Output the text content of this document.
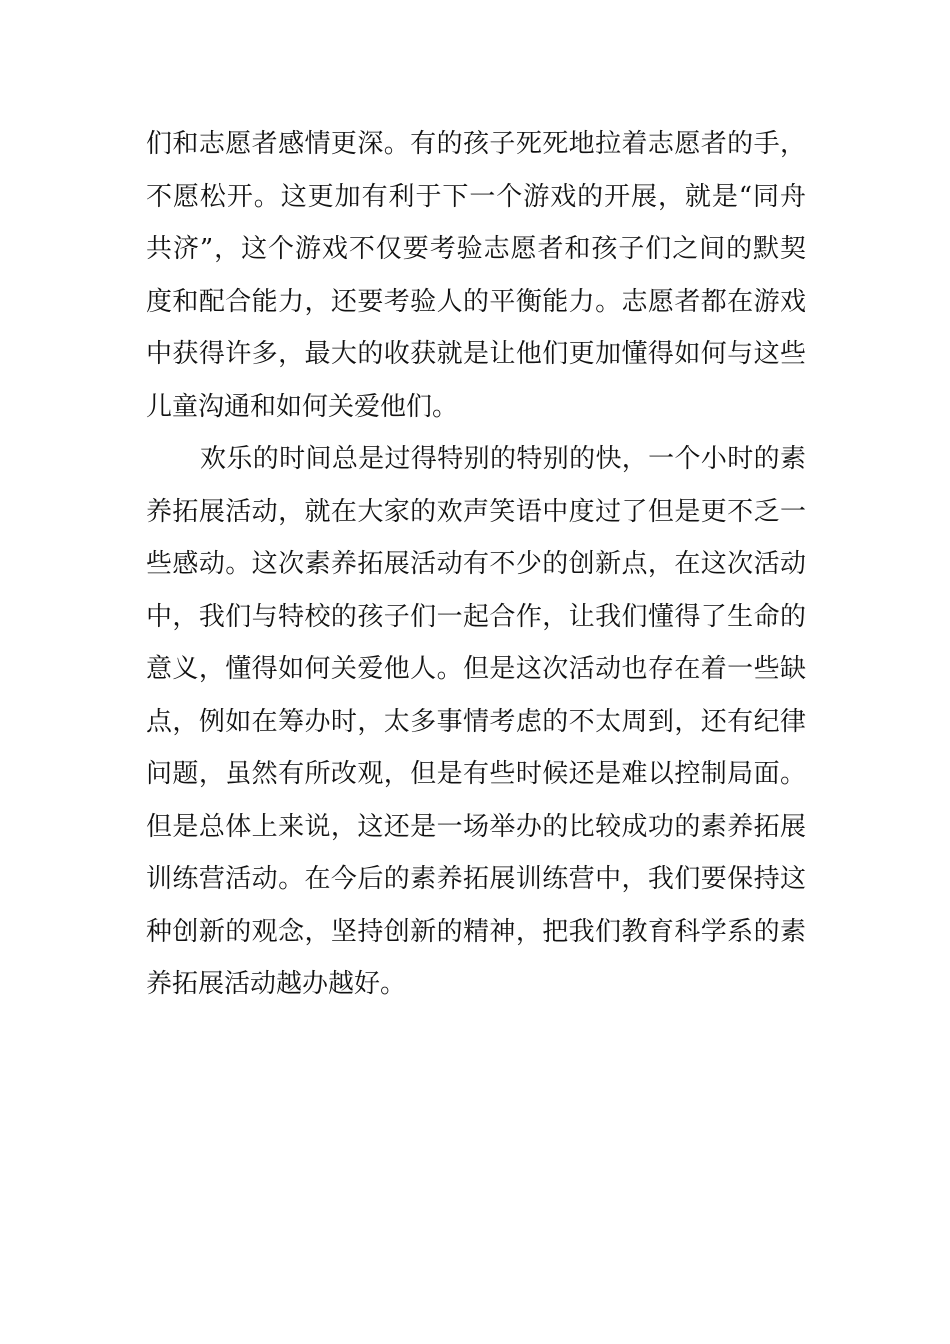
们和志愿者感情更深。有的孩子死死地拉着志愿者的手，
不愿松开。这更加有利于下一个游戏的开展，就是“同舟
共济”，这个游戏不仅要考验志愿者和孩子们之间的默契
度和配合能力，还要考验人的平衡能力。志愿者都在游戏
中获得许多，最大的收获就是让他们更加懂得如何与这些
儿童沟通和如何关爱他们。
欢乐的时间总是过得特别的特别的快，一个小时的素
养拓展活动，就在大家的欢声笑语中度过了但是更不乏一
些感动。这次素养拓展活动有不少的创新点，在这次活动
中，我们与特校的孩子们一起合作，让我们懂得了生命的
意义，懂得如何关爱他人。但是这次活动也存在着一些缺
点，例如在筹办时，太多事情考虑的不太周到，还有纪律
问题，虽然有所改观，但是有些时候还是难以控制局面。
但是总体上来说，这还是一场举办的比较成功的素养拓展
训练营活动。在今后的素养拓展训练营中，我们要保持这
种创新的观念，坚持创新的精神，把我们教育科学系的素
养拓展活动越办越好。
